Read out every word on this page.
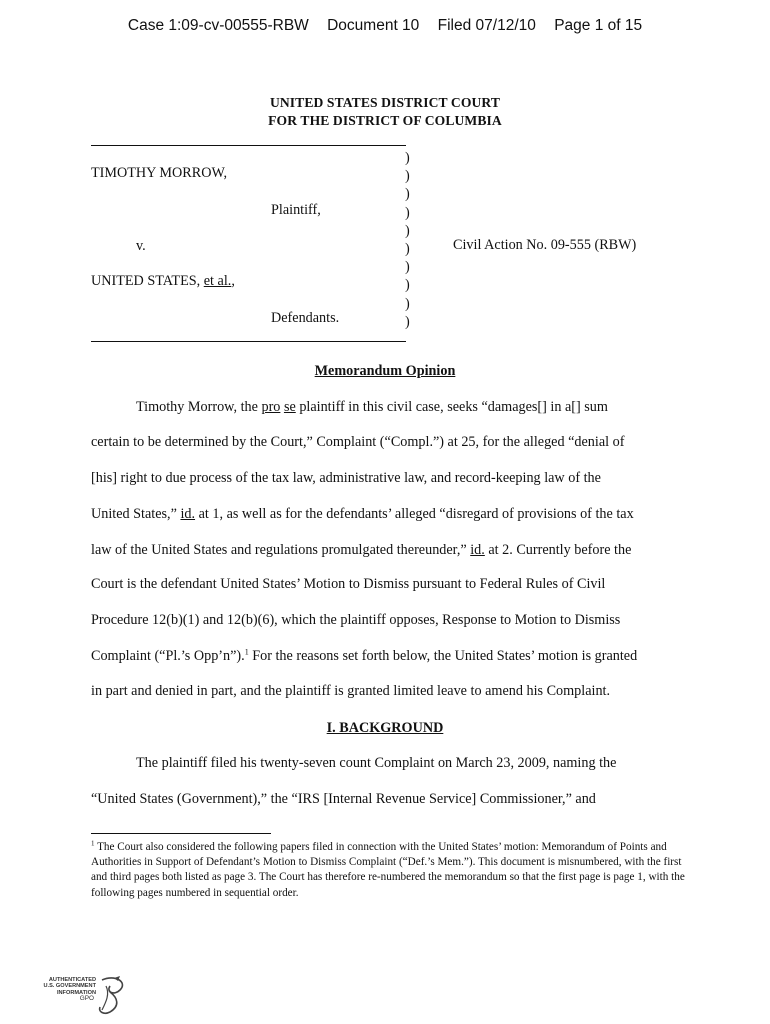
Case 1:09-cv-00555-RBW Document 10 Filed 07/12/10 Page 1 of 15
UNITED STATES DISTRICT COURT
FOR THE DISTRICT OF COLUMBIA
)
)
)
)
)
)
)
)
)
)
TIMOTHY MORROW,
Plaintiff,
v.
UNITED STATES, et al.,
Defendants.
Civil Action No. 09-555 (RBW)
Memorandum Opinion
Timothy Morrow, the pro se plaintiff in this civil case, seeks “damages[] in a[] sum
certain to be determined by the Court,” Complaint (“Compl.”) at 25, for the alleged “denial of
[his] right to due process of the tax law, administrative law, and record-keeping law of the
United States,” id. at 1, as well as for the defendants’ alleged “disregard of provisions of the tax
law of the United States and regulations promulgated thereunder,” id. at 2. Currently before the
Court is the defendant United States’ Motion to Dismiss pursuant to Federal Rules of Civil
Procedure 12(b)(1) and 12(b)(6), which the plaintiff opposes, Response to Motion to Dismiss
Complaint (“Pl.’s Opp’n”).$^1$ For the reasons set forth below, the United States’ motion is granted
in part and denied in part, and the plaintiff is granted limited leave to amend his Complaint.
I. BACKGROUND
The plaintiff filed his twenty-seven count Complaint on March 23, 2009, naming the
“United States (Government),” the “IRS [Internal Revenue Service] Commissioner,” and
$^1$ The Court also considered the following papers filed in connection with the United States’ motion: Memorandum of Points and Authorities in Support of Defendant’s Motion to Dismiss Complaint (“Def.’s Mem.”). This document is misnumbered, with the first and third pages both listed as page 3. The Court has therefore re-numbered the memorandum so that the first page is page 1, with the following pages numbered in sequential order.
AUTHENTICATED
U.S. GOVERNMENT
INFORMATION
GPO
